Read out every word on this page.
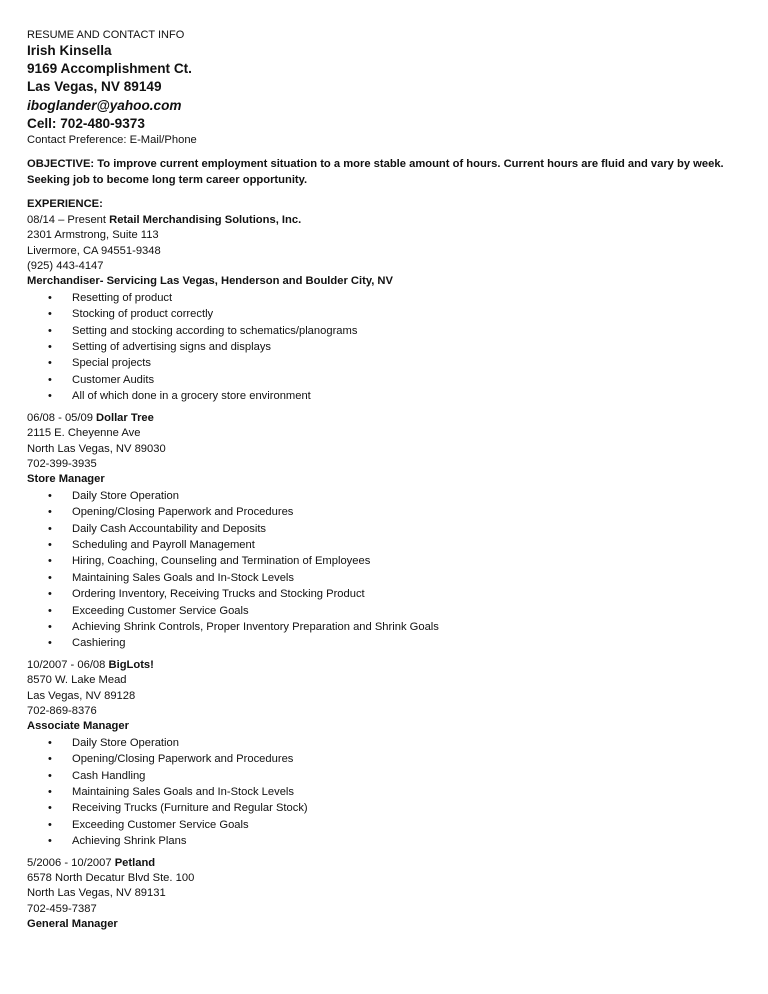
RESUME AND CONTACT INFO
Irish Kinsella
9169 Accomplishment Ct.
Las Vegas, NV 89149
iboglander@yahoo.com
Cell: 702-480-9373
Contact Preference: E-Mail/Phone
OBJECTIVE: To improve current employment situation to a more stable amount of hours. Current hours are fluid and vary by week.
Seeking job to become long term career opportunity.
EXPERIENCE:
08/14 – Present Retail Merchandising Solutions, Inc.
2301 Armstrong, Suite 113
Livermore, CA 94551-9348
(925) 443-4147
Merchandiser- Servicing Las Vegas, Henderson and Boulder City, NV
• Resetting of product
• Stocking of product correctly
• Setting and stocking according to schematics/planograms
• Setting of advertising signs and displays
• Special projects
• Customer Audits
• All of which done in a grocery store environment
06/08 - 05/09 Dollar Tree
2115 E. Cheyenne Ave
North Las Vegas, NV 89030
702-399-3935
Store Manager
• Daily Store Operation
• Opening/Closing Paperwork and Procedures
• Daily Cash Accountability and Deposits
• Scheduling and Payroll Management
• Hiring, Coaching, Counseling and Termination of Employees
• Maintaining Sales Goals and In-Stock Levels
• Ordering Inventory, Receiving Trucks and Stocking Product
• Exceeding Customer Service Goals
• Achieving Shrink Controls, Proper Inventory Preparation and Shrink Goals
• Cashiering
10/2007 - 06/08 BigLots!
8570 W. Lake Mead
Las Vegas, NV 89128
702-869-8376
Associate Manager
• Daily Store Operation
• Opening/Closing Paperwork and Procedures
• Cash Handling
• Maintaining Sales Goals and In-Stock Levels
• Receiving Trucks (Furniture and Regular Stock)
• Exceeding Customer Service Goals
• Achieving Shrink Plans
5/2006 - 10/2007 Petland
6578 North Decatur Blvd Ste. 100
North Las Vegas, NV 89131
702-459-7387
General Manager
